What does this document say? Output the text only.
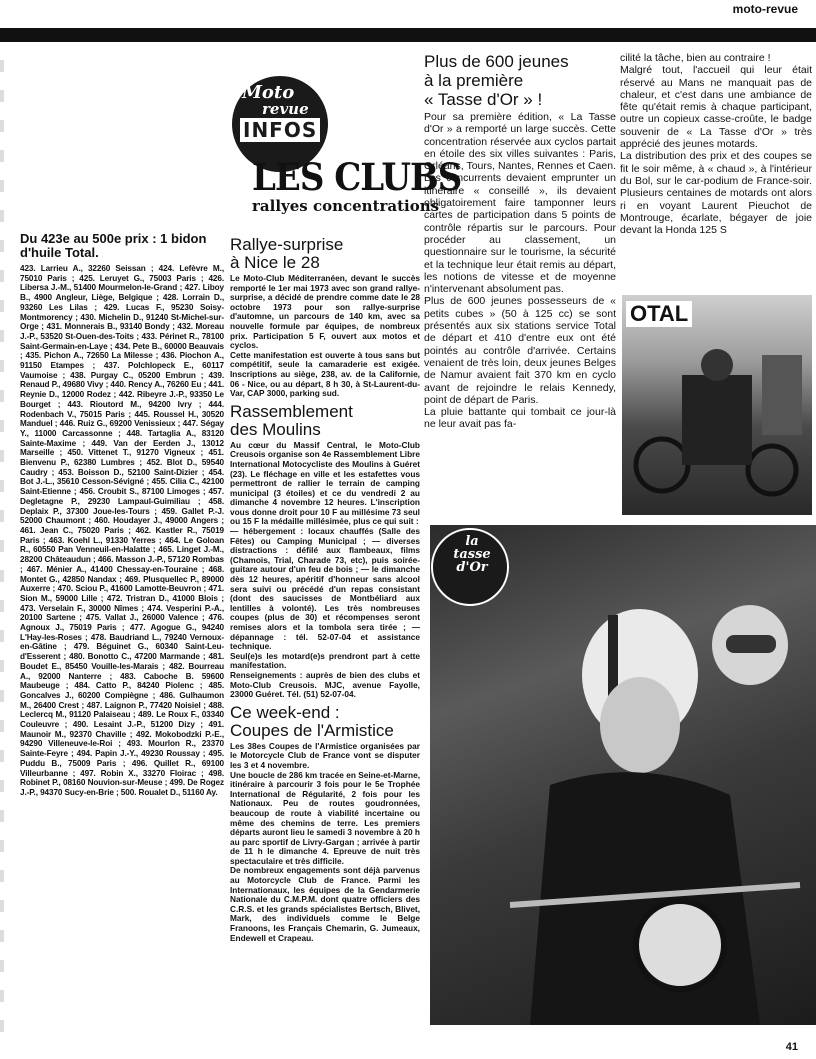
moto-revue
Du 423e au 500e prix : 1 bidon d'huile Total.

423. Larrieu A., 32260 Seissan ; 424. Lefèvre M., 75010 Paris ; 425. Leruyet G., 75003 Paris ; 426. Libersa J.-M., 51400 Mourmelon-le-Grand ; 427. Liboy B., 4900 Angleur, Liège, Belgique ; 428. Lorrain D., 93260 Les Lilas ; 429. Lucas F., 95230 Soisy-Montmorency ; 430. Michelin D., 91240 St-Michel-sur-Orge ; 431. Monnerais B., 93140 Bondy ; 432. Moreau J.-P., 53520 St-Ouen-des-Toits ; 433. Périnet R., 78100 Saint-Germain-en-Laye ; 434. Pete B., 60000 Beauvais ; 435. Pichon A., 72650 La Milesse ; 436. Piochon A., 91150 Etampes ; 437. Polchlopeck E., 60117 Vaumoise ; 438. Purgay C., 05200 Embrun ; 439. Renaud P., 49680 Vivy ; 440. Rency A., 76260 Eu ; 441. Reynie D., 12000 Rodez ; 442. Ribeyre J.-P., 93350 Le Bourget ; 443. Rioutord M., 94200 Ivry ; 444. Rodenbach V., 75015 Paris ; 445. Roussel H., 30520 Manduel ; 446. Ruiz G., 69200 Venissieux ; 447. Ségay Y., 11000 Carcassonne ; 448. Tartaglia A., 83120 Sainte-Maxime ; 449. Van der Eerden J., 13012 Marseille ; 450. Vittenet T., 91270 Vigneux ; 451. Bienvenu P., 62380 Lumbres ; 452. Blot D., 59540 Caudry ; 453. Boisson D., 52100 Saint-Dizier ; 454. Bot J.-L., 35610 Cesson-Sévigné ; 455. Cilia C., 42100 Saint-Etienne ; 456. Croubit S., 87100 Limoges ; 457. Degletagne P., 29230 Lampaul-Guimiliau ; 458. Deplaix P., 37300 Joue-les-Tours ; 459. Gallet P.-J. 52000 Chaumont ; 460. Houdayer J., 49000 Angers ; 461. Jean C., 75020 Paris ; 462. Kastler R., 75019 Paris ; 463. Koehl L., 91330 Yerres ; 464. Le Goloan R., 60550 Pan Venneuil-en-Halatte ; 465. Linget J.-M., 28200 Châteaudun ; 466. Masson J.-P., 57120 Rombas ; 467. Ménier A., 41400 Chessay-en-Touraine ; 468. Montet G., 42850 Nandax ; 469. Plusquellec P., 89000 Auxerre ; 470. Sciou P., 41600 Lamotte-Beuvron ; 471. Sion M., 59000 Lille ; 472. Tristran D., 41000 Blois ; 473. Verselain F., 30000 Nîmes ; 474. Vesperini P.-A., 20100 Sartene ; 475. Vallat J., 26000 Valence ; 476. Agnoux J., 75019 Paris ; 477. Agogue G., 94240 L'Hay-les-Roses ; 478. Baudriand L., 79240 Vernoux-en-Gâtine ; 479. Béguinet G., 60340 Saint-Leu-d'Esserent ; 480. Bonotto C., 47200 Marmande ; 481. Boudet E., 85450 Vouille-les-Marais ; 482. Bourreau A., 92000 Nanterre ; 483. Caboche B. 59600 Maubeuge ; 484. Catto P., 84240 Piolenc ; 485. Goncalves J., 60200 Compiègne ; 486. Gulhaumon M., 26400 Crest ; 487. Laignon P., 77420 Noisiel ; 488. Leclercq M., 91120 Palaiseau ; 489. Le Roux F., 03340 Couleuvre ; 490. Lesaint J.-P., 51200 Dizy ; 491. Maunoir M., 92370 Chaville ; 492. Mokobodzki P.-E., 94290 Villeneuve-le-Roi ; 493. Mourlon R., 23370 Sainte-Feyre ; 494. Papin J.-Y., 49230 Roussay ; 495. Puddu B., 75009 Paris ; 496. Quillet R., 69100 Villeurbanne ; 497. Robin X., 33270 Floirac ; 498. Robinet P., 08160 Nouvion-sur-Meuse ; 499. De Rogez J.-P., 94370 Sucy-en-Brie ; 500. Roualet D., 51160 Ay.

Moto
revue
INFOS
LES CLUBS
rallyes concentrations
Rallye-surprise
à Nice le 28

Le Moto-Club Méditerranéen, devant le succès remporté le 1er mai 1973 avec son grand rallye-surprise, a décidé de prendre comme date le 28 octobre 1973 pour son rallye-surprise d'automne, un parcours de 140 km, avec sa nouvelle formule par équipes, de nombreux prix. Participation 5 F, ouvert aux motos et cyclos.

Cette manifestation est ouverte à tous sans but compétitif, seule la camaraderie est exigée. Inscriptions au siège, 238, av. de la Californie, 06 - Nice, ou au départ, 8 h 30, à St-Laurent-du-Var, CAP 3000, parking sud.

Rassemblement
des Moulins

Au cœur du Massif Central, le Moto-Club Creusois organise son 4e Rassemblement Libre International Motocycliste des Moulins à Guéret (23). Le fléchage en ville et les estafettes vous permettront de rallier le terrain de camping municipal (3 étoiles) et ce du vendredi 2 au dimanche 4 novembre 12 heures. L'inscription vous donne droit pour 10 F au millésime 73 seul ou 15 F la médaille millésimée, plus ce qui suit :

— hébergement : locaux chauffés (Salle des Fêtes) ou Camping Municipal ; — diverses distractions : défilé aux flambeaux, films (Chamois, Trial, Charade 73, etc), puis soirée-guitare autour d'un feu de bois ; — le dimanche dès 12 heures, apéritif d'honneur sans alcool sera suivi ou précédé d'un repas consistant (dont des saucisses de Montbéliard aux lentilles à volonté). Les très nombreuses coupes (plus de 30) et récompenses seront remises alors et la tombola sera tirée ; — dépannage : tél. 52-07-04 et assistance technique.

Seul(e)s les motard(e)s prendront part à cette manifestation.

Renseignements : auprès de bien des clubs et Moto-Club Creusois. MJC, avenue Fayolle, 23000 Guéret. Tél. (51) 52-07-04.

Ce week-end :
Coupes de l'Armistice

Les 38es Coupes de l'Armistice organisées par le Motorcycle Club de France vont se disputer les 3 et 4 novembre.

Une boucle de 286 km tracée en Seine-et-Marne, itinéraire à parcourir 3 fois pour le 5e Trophée International de Régularité, 2 fois pour les Nationaux. Peu de routes goudronnées, beaucoup de route à viabilité incertaine ou même des chemins de terre. Les premiers départs auront lieu le samedi 3 novembre à 20 h au parc sportif de Livry-Gargan ; arrivée à partir de 11 h le dimanche 4. Epreuve de nuit très spectaculaire et très difficile.

De nombreux engagements sont déjà parvenus au Motorcycle Club de France. Parmi les Internationaux, les équipes de la Gendarmerie Nationale du C.M.P.M. dont quatre officiers des C.R.S. et les grands spécialistes Bertsch, Blivet, Mark, des individuels comme le Belge Franoons, les Français Chemarin, G. Jumeaux, Endewell et Crapeau.

Plus de 600 jeunes
à la première
« Tasse d'Or » !

Pour sa première édition, « La Tasse d'Or » a remporté un large succès. Cette concentration réservée aux cyclos partait en étoile des six villes suivantes : Paris, Orléans, Tours, Nantes, Rennes et Caen. Les concurrents devaient emprunter un itinéraire « conseillé », ils devaient obligatoirement faire tamponner leurs cartes de participation dans 5 points de contrôle répartis sur le parcours. Pour procéder au classement, un questionnaire sur le tourisme, la sécurité et la technique leur était remis au départ, les notions de vitesse et de moyenne n'intervenant absolument pas.

Plus de 600 jeunes possesseurs de « petits cubes » (50 à 125 cc) se sont présentés aux six stations service Total de départ et 410 d'entre eux ont été pointés au contrôle d'arrivée. Certains venaient de très loin, deux jeunes Belges de Namur avaient fait 370 km en cyclo avant de rejoindre le relais Kennedy, point de départ de Paris.

La pluie battante qui tombait ce jour-là ne leur avait pas fa-

cilité la tâche, bien au contraire !

Malgré tout, l'accueil qui leur était réservé au Mans ne manquait pas de chaleur, et c'est dans une ambiance de fête qu'était remis à chaque participant, outre un copieux casse-croûte, le badge souvenir de « La Tasse d'Or » très apprécié des jeunes motards.

La distribution des prix et des coupes se fit le soir même, à « chaud », à l'intérieur du Bol, sur le car-podium de France-soir. Plusieurs centaines de motards ont alors ri en voyant Laurent Pieuchot de Montrouge, écarlate, bégayer de joie devant la Honda 125 S

OTAL
la
tasse
d'Or
41
